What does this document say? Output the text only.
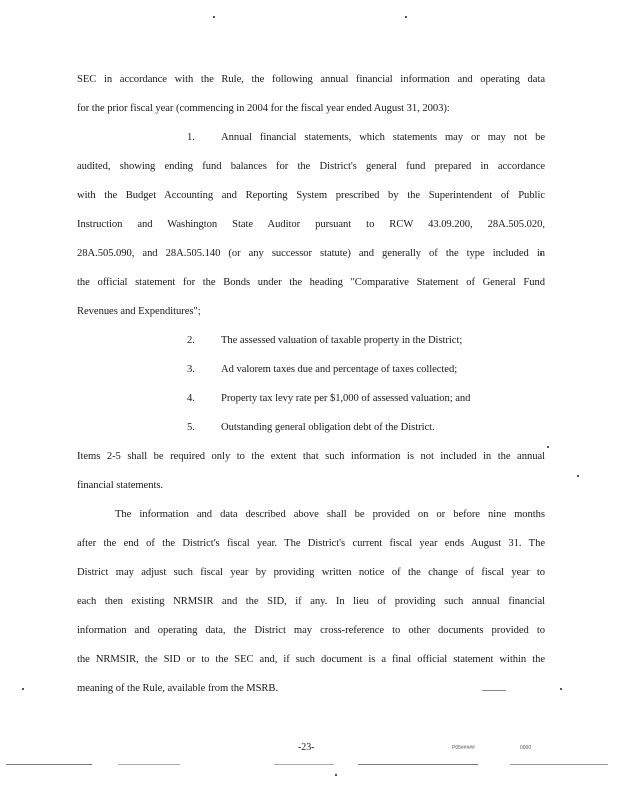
SEC in accordance with the Rule, the following annual financial information and operating data
for the prior fiscal year (commencing in 2004 for the fiscal year ended August 31, 2003):
1. Annual financial statements, which statements may or may not be
audited, showing ending fund balances for the District's general fund prepared in accordance
with the Budget Accounting and Reporting System prescribed by the Superintendent of Public
Instruction and Washington State Auditor pursuant to RCW 43.09.200, 28A.505.020,
28A.505.090, and 28A.505.140 (or any successor statute) and generally of the type included in
the official statement for the Bonds under the heading "Comparative Statement of General Fund
Revenues and Expenditures";
2. The assessed valuation of taxable property in the District;
3. Ad valorem taxes due and percentage of taxes collected;
4. Property tax levy rate per $1,000 of assessed valuation; and
5. Outstanding general obligation debt of the District.
Items 2-5 shall be required only to the extent that such information is not included in the annual
financial statements.
The information and data described above shall be provided on or before nine months
after the end of the District's fiscal year. The District's current fiscal year ends August 31. The
District may adjust such fiscal year by providing written notice of the change of fiscal year to
each then existing NRMSIR and the SID, if any. In lieu of providing such annual financial
information and operating data, the District may cross-reference to other documents provided to
the NRMSIR, the SID or to the SEC and, if such document is a final official statement within the
meaning of the Rule, available from the MSRB.
-23-	P05#####	0000
